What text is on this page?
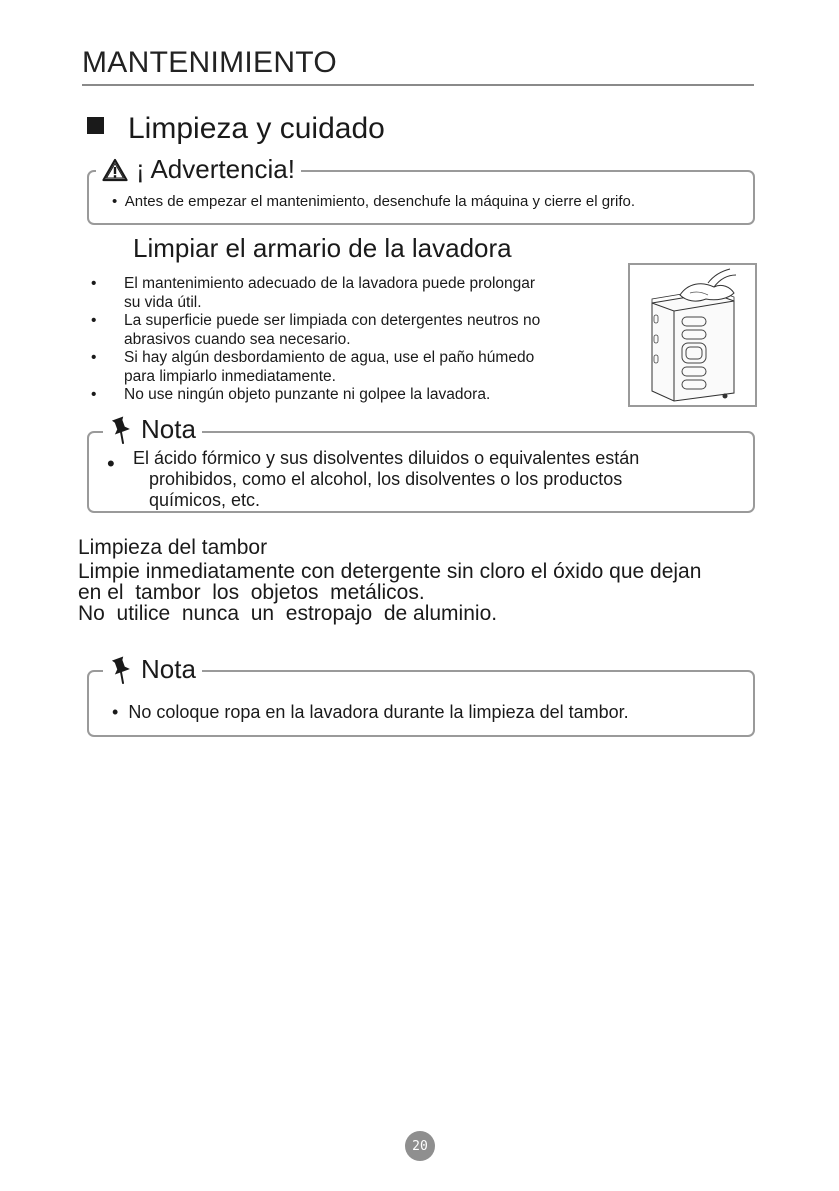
MANTENIMIENTO
Limpieza y cuidado
¡ Advertencia!
• Antes de empezar el mantenimiento, desenchufe la máquina y cierre el grifo.
Limpiar el armario de la lavadora
• El mantenimiento adecuado de la lavadora puede prolongar
su vida útil.
• La superficie puede ser limpiada con detergentes neutros no
abrasivos cuando sea necesario.
• Si hay algún desbordamiento de agua, use el paño húmedo
para limpiarlo inmediatamente.
• No use ningún objeto punzante ni golpee la lavadora.
Nota
• El ácido fórmico y sus disolventes diluidos o equivalentes están
prohibidos, como el alcohol, los disolventes o los productos
químicos, etc.
Limpieza del tambor
Limpie inmediatamente con detergente sin cloro el óxido que dejan
en el  tambor  los  objetos  metálicos.
No  utilice  nunca  un  estropajo  de aluminio.
Nota
• No coloque ropa en la lavadora durante la limpieza del tambor.
20
